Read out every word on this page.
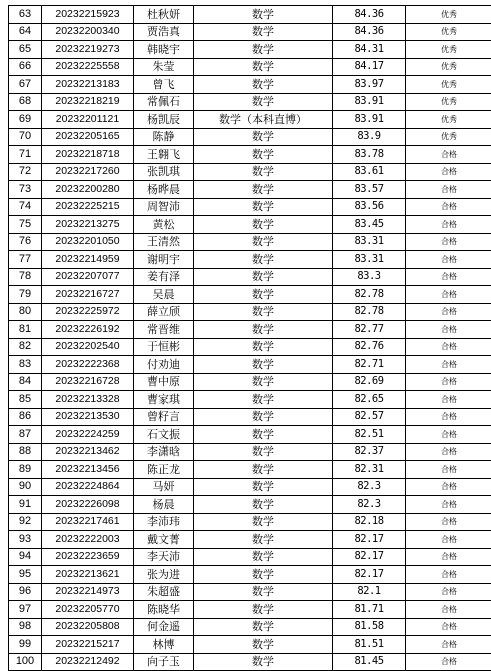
63	20232215923	杜秋妍	数学	84.36	优秀
64	20232200340	贾浩真	数学	84.36	优秀
65	20232219273	韩晓宇	数学	84.31	优秀
66	20232225558	朱莹	数学	84.17	优秀
67	20232213183	曾飞	数学	83.97	优秀
68	20232218219	常佩石	数学	83.91	优秀
69	20232201121	杨凯辰	数学（本科直博）	83.91	优秀
70	20232205165	陈静	数学	83.9	优秀
71	20232218718	王翱飞	数学	83.78	合格
72	20232217260	张凯琪	数学	83.61	合格
73	20232200280	杨晔晨	数学	83.57	合格
74	20232225215	周智沛	数学	83.56	合格
75	20232213275	黄松	数学	83.45	合格
76	20232201050	王清然	数学	83.31	合格
77	20232214959	谢明宇	数学	83.31	合格
78	20232207077	姜有泽	数学	83.3	合格
79	20232216727	吴晨	数学	82.78	合格
80	20232225972	薛立颀	数学	82.78	合格
81	20232226192	常晋维	数学	82.77	合格
82	20232202540	于恒彬	数学	82.76	合格
83	20232222368	付劝迪	数学	82.71	合格
84	20232216728	曹中原	数学	82.69	合格
85	20232213328	曹家琪	数学	82.65	合格
86	20232213530	曾籽言	数学	82.57	合格
87	20232224259	石文振	数学	82.51	合格
88	20232213462	李潇晗	数学	82.37	合格
89	20232213456	陈正龙	数学	82.31	合格
90	20232224864	马妍	数学	82.3	合格
91	20232226098	杨晨	数学	82.3	合格
92	20232217461	李沛玮	数学	82.18	合格
93	20232222003	戴文菁	数学	82.17	合格
94	20232223659	李天沛	数学	82.17	合格
95	20232213621	张为进	数学	82.17	合格
96	20232214973	朱超盛	数学	82.1	合格
97	20232205770	陈晓华	数学	81.71	合格
98	20232205808	何金遥	数学	81.58	合格
99	20232215217	林博	数学	81.51	合格
100	20232212492	向子玉	数学	81.45	合格
